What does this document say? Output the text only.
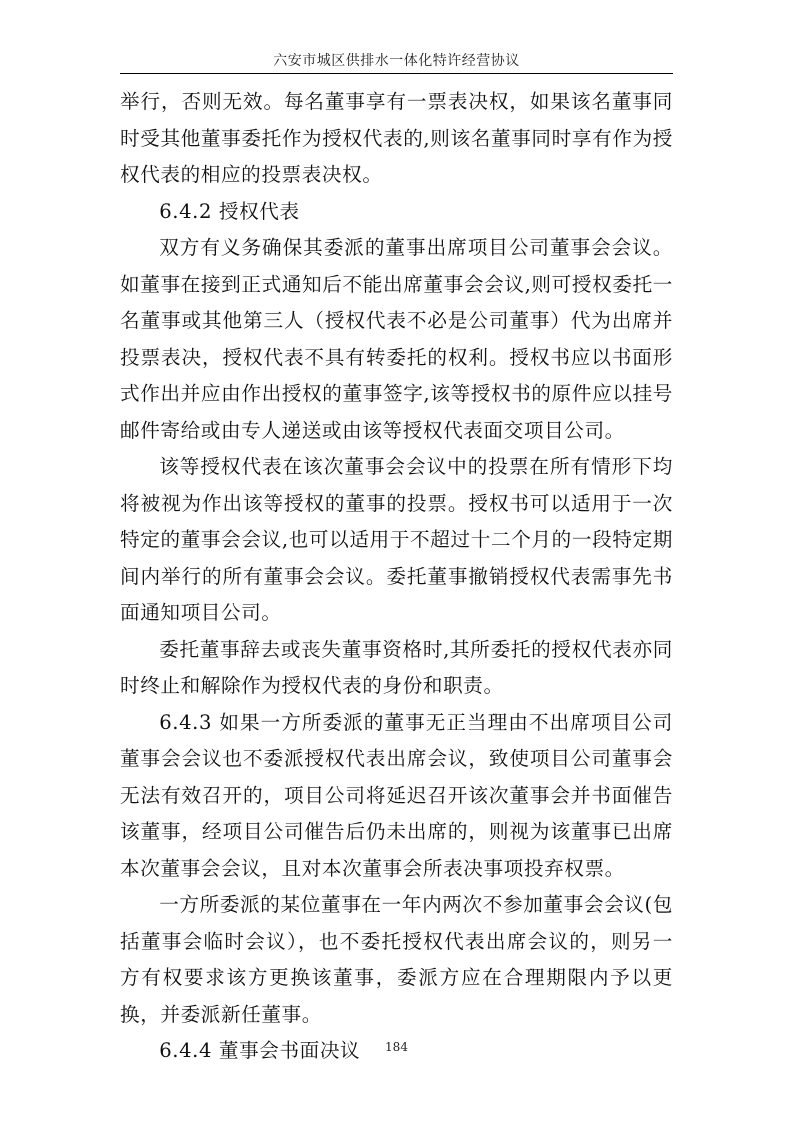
六安市城区供排水一体化特许经营协议

举行，否则无效。每名董事享有一票表决权，如果该名董事同时受其他董事委托作为授权代表的,则该名董事同时享有作为授权代表的相应的投票表决权。

6.4.2 授权代表

双方有义务确保其委派的董事出席项目公司董事会会议。如董事在接到正式通知后不能出席董事会会议,则可授权委托一名董事或其他第三人（授权代表不必是公司董事）代为出席并投票表决，授权代表不具有转委托的权利。授权书应以书面形式作出并应由作出授权的董事签字,该等授权书的原件应以挂号邮件寄给或由专人递送或由该等授权代表面交项目公司。

该等授权代表在该次董事会会议中的投票在所有情形下均将被视为作出该等授权的董事的投票。授权书可以适用于一次特定的董事会会议,也可以适用于不超过十二个月的一段特定期间内举行的所有董事会会议。委托董事撤销授权代表需事先书面通知项目公司。

委托董事辞去或丧失董事资格时,其所委托的授权代表亦同时终止和解除作为授权代表的身份和职责。

6.4.3 如果一方所委派的董事无正当理由不出席项目公司董事会会议也不委派授权代表出席会议，致使项目公司董事会无法有效召开的，项目公司将延迟召开该次董事会并书面催告该董事，经项目公司催告后仍未出席的，则视为该董事已出席本次董事会会议，且对本次董事会所表决事项投弃权票。

一方所委派的某位董事在一年内两次不参加董事会会议(包括董事会临时会议），也不委托授权代表出席会议的，则另一方有权要求该方更换该董事，委派方应在合理期限内予以更换，并委派新任董事。

6.4.4 董事会书面决议	184
